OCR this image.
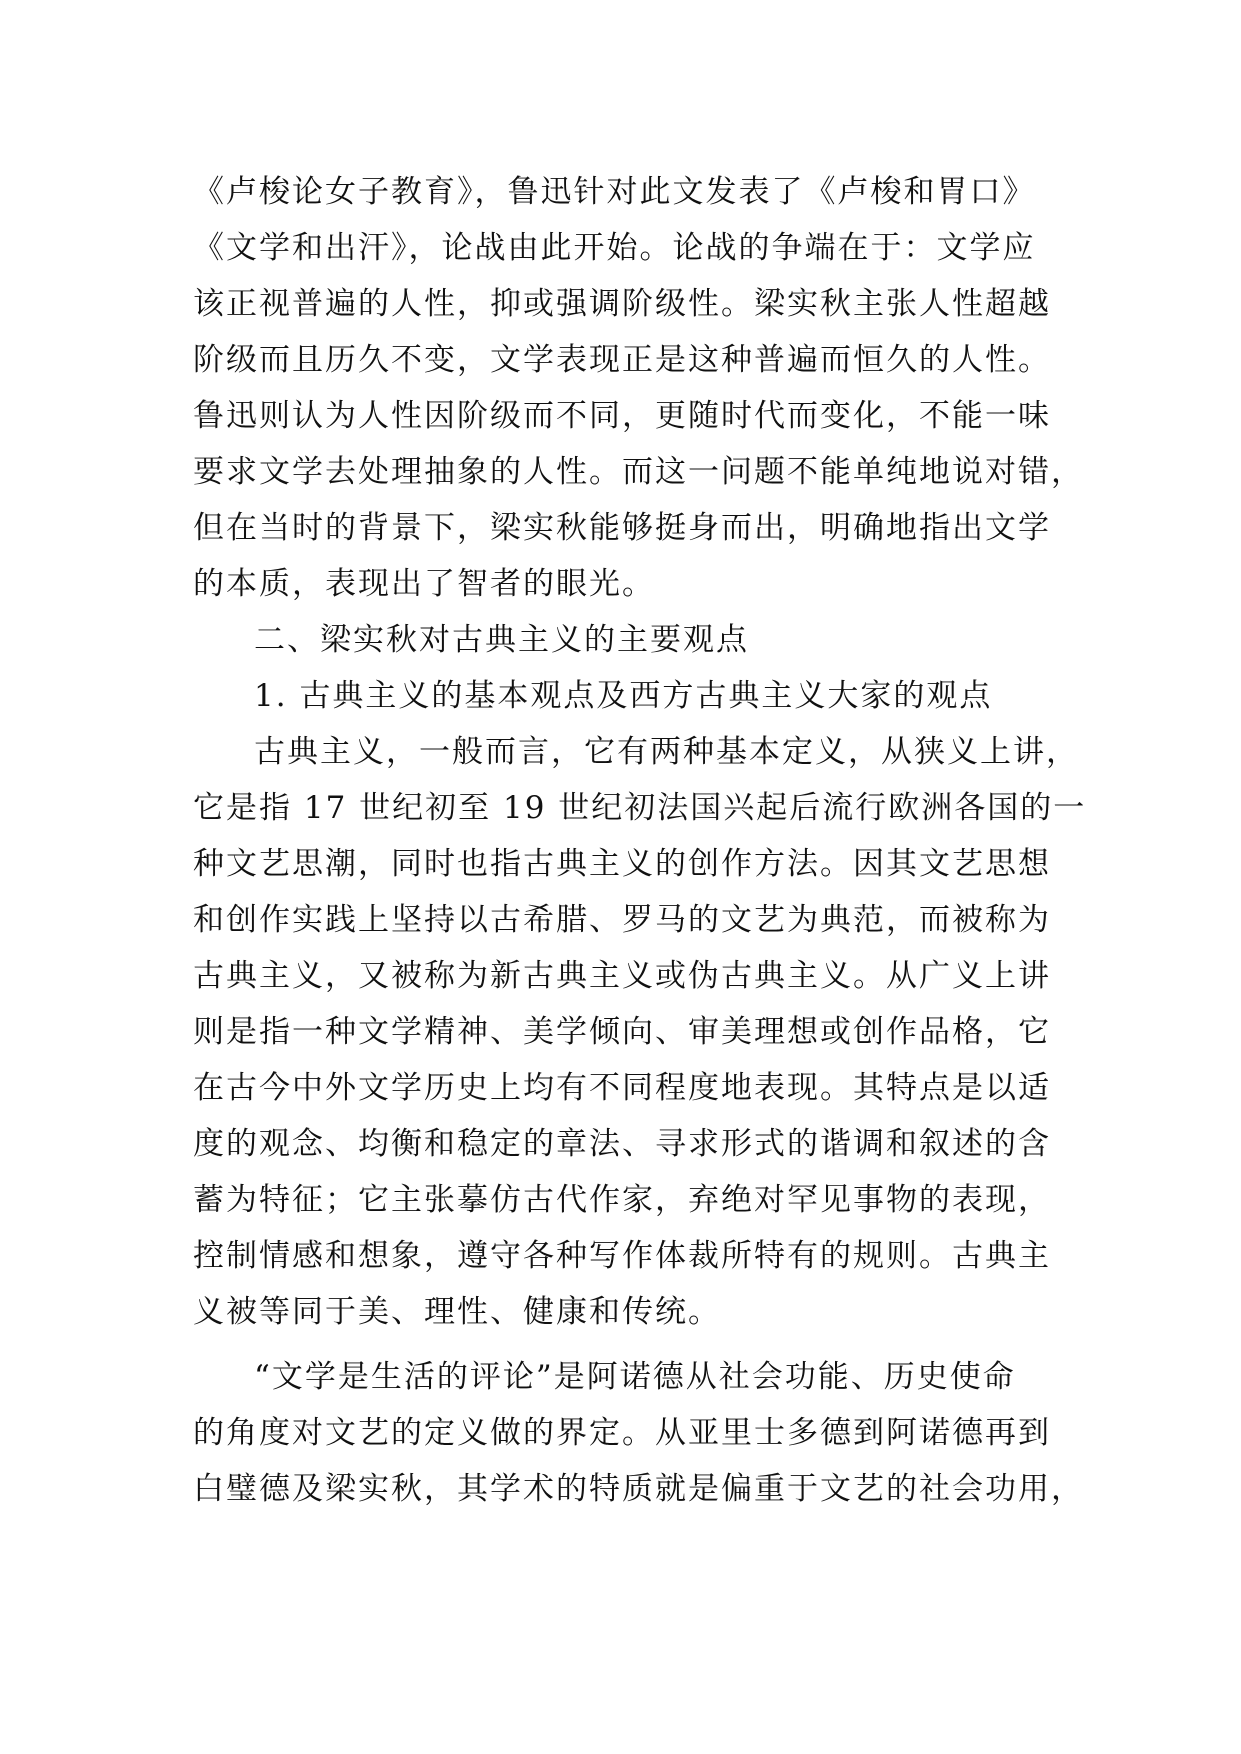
《卢梭论女子教育》，鲁迅针对此文发表了《卢梭和胃口》
《文学和出汗》，论战由此开始。论战的争端在于：文学应
该正视普遍的人性，抑或强调阶级性。梁实秋主张人性超越
阶级而且历久不变，文学表现正是这种普遍而恒久的人性。
鲁迅则认为人性因阶级而不同，更随时代而变化，不能一味
要求文学去处理抽象的人性。而这一问题不能单纯地说对错，
但在当时的背景下，梁实秋能够挺身而出，明确地指出文学
的本质，表现出了智者的眼光。
二、梁实秋对古典主义的主要观点
1. 古典主义的基本观点及西方古典主义大家的观点
古典主义，一般而言，它有两种基本定义，从狭义上讲，
它是指 17 世纪初至 19 世纪初法国兴起后流行欧洲各国的一
种文艺思潮，同时也指古典主义的创作方法。因其文艺思想
和创作实践上坚持以古希腊、罗马的文艺为典范，而被称为
古典主义，又被称为新古典主义或伪古典主义。从广义上讲
则是指一种文学精神、美学倾向、审美理想或创作品格，它
在古今中外文学历史上均有不同程度地表现。其特点是以适
度的观念、均衡和稳定的章法、寻求形式的谐调和叙述的含
蓄为特征；它主张摹仿古代作家，弃绝对罕见事物的表现，
控制情感和想象，遵守各种写作体裁所特有的规则。古典主
义被等同于美、理性、健康和传统。
“文学是生活的评论”是阿诺德从社会功能、历史使命
的角度对文艺的定义做的界定。从亚里士多德到阿诺德再到
白璧德及梁实秋，其学术的特质就是偏重于文艺的社会功用，
